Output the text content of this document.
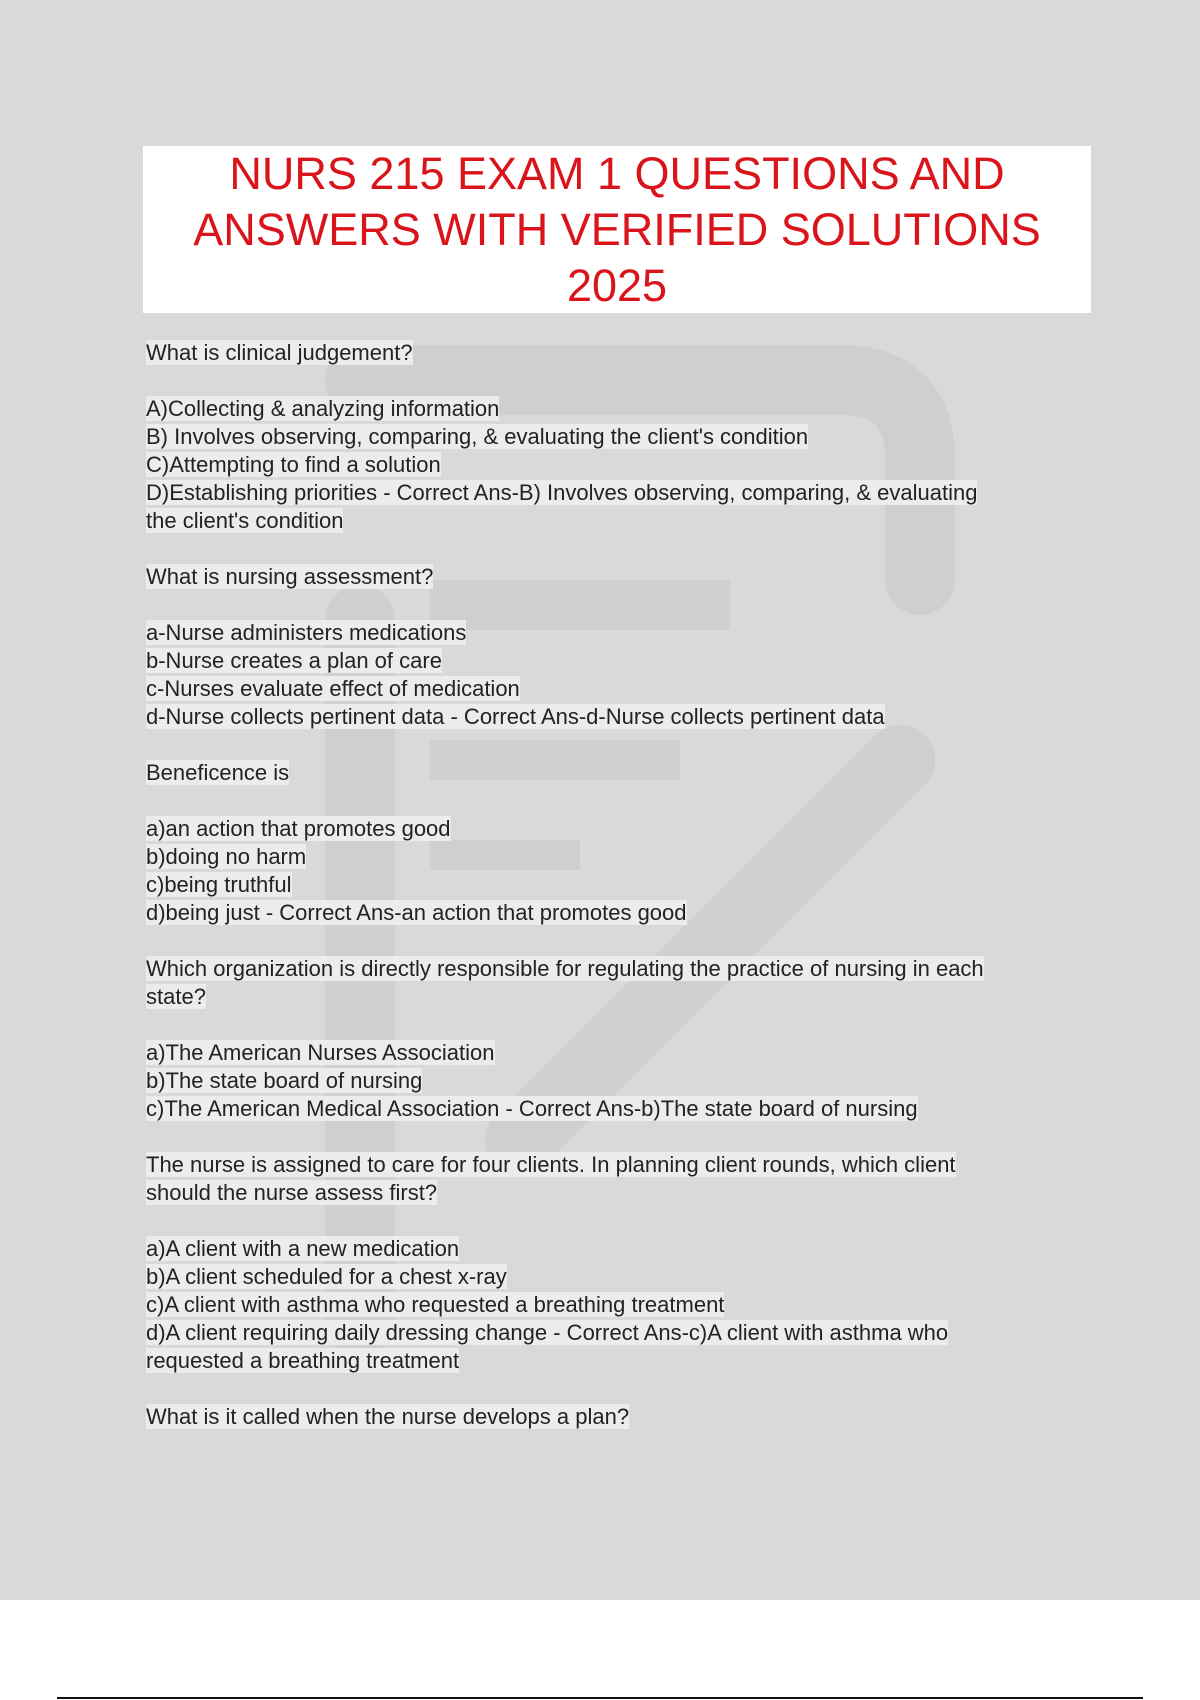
NURS 215 EXAM 1 QUESTIONS AND ANSWERS WITH VERIFIED SOLUTIONS 2025
What is clinical judgement?
A)Collecting & analyzing information
B) Involves observing, comparing, & evaluating the client's condition
C)Attempting to find a solution
D)Establishing priorities - Correct Ans-B) Involves observing, comparing, & evaluating
the client's condition
What is nursing assessment?
a-Nurse administers medications
b-Nurse creates a plan of care
c-Nurses evaluate effect of medication
d-Nurse collects pertinent data - Correct Ans-d-Nurse collects pertinent data
Beneficence is
a)an action that promotes good
b)doing no harm
c)being truthful
d)being just - Correct Ans-an action that promotes good
Which organization is directly responsible for regulating the practice of nursing in each
state?
a)The American Nurses Association
b)The state board of nursing
c)The American Medical Association - Correct Ans-b)The state board of nursing
The nurse is assigned to care for four clients. In planning client rounds, which client
should the nurse assess first?
a)A client with a new medication
b)A client scheduled for a chest x-ray
c)A client with asthma who requested a breathing treatment
d)A client requiring daily dressing change - Correct Ans-c)A client with asthma who
requested a breathing treatment
What is it called when the nurse develops a plan?
